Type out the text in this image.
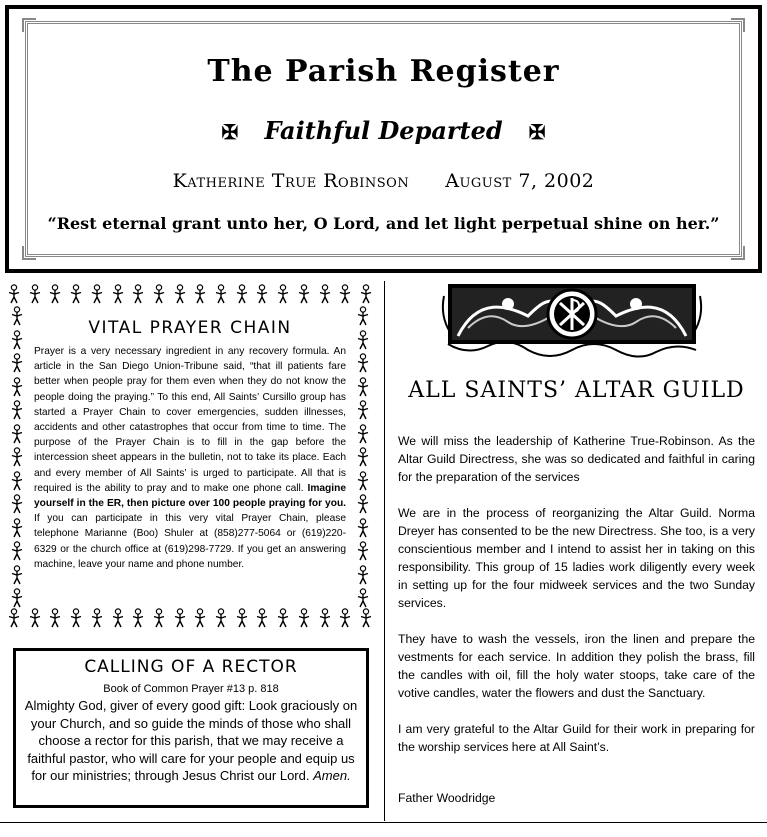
The Parish Register
✠ Faithful Departed ✠
Katherine True Robinson August 7, 2002
“Rest eternal grant unto her, O Lord, and let light perpetual shine on her.”
VITAL PRAYER CHAIN
Prayer is a very necessary ingredient in any recovery formula. An article in the San Diego Union-Tribune said, “that ill patients fare better when people pray for them even when they do not know the people doing the praying.” To this end, All Saints’ Cursillo group has started a Prayer Chain to cover emergencies, sudden illnesses, accidents and other catastrophes that occur from time to time. The purpose of the Prayer Chain is to fill in the gap before the intercession sheet appears in the bulletin, not to take its place. Each and every member of All Saints’ is urged to participate. All that is required is the ability to pray and to make one phone call. Imagine yourself in the ER, then picture over 100 people praying for you. If you can participate in this very vital Prayer Chain, please telephone Marianne (Boo) Shuler at (858)277-5064 or (619)220-6329 or the church office at (619)298-7729. If you get an answering machine, leave your name and phone number.
CALLING OF A RECTOR
Book of Common Prayer #13 p. 818
Almighty God, giver of every good gift: Look graciously on your Church, and so guide the minds of those who shall choose a rector for this parish, that we may receive a faithful pastor, who will care for your people and equip us for our ministries; through Jesus Christ our Lord. Amen.
ALL SAINTS’ ALTAR GUILD

We will miss the leadership of Katherine True-Robinson. As the Altar Guild Directress, she was so dedicated and faithful in caring for the preparation of the services

We are in the process of reorganizing the Altar Guild. Norma Dreyer has consented to be the new Directress. She too, is a very conscientious member and I intend to assist her in taking on this responsibility. This group of 15 ladies work diligently every week in setting up for the four midweek services and the two Sunday services.

They have to wash the vessels, iron the linen and prepare the vestments for each service. In addition they polish the brass, fill the candles with oil, fill the holy water stoops, take care of the votive candles, water the flowers and dust the Sanctuary.

I am very grateful to the Altar Guild for their work in preparing for the worship services here at All Saint’s.

Father Woodridge
